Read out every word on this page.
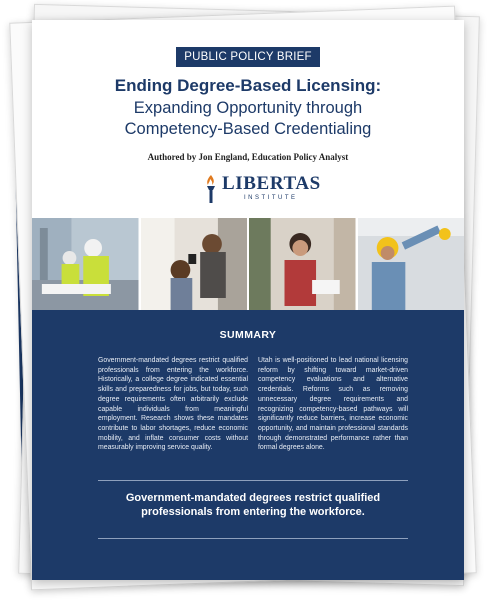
PUBLIC POLICY BRIEF
Ending Degree-Based Licensing:
Expanding Opportunity through
Competency-Based Credentialing
Authored by Jon England, Education Policy Analyst
LIBERTAS
INSTITUTE
SUMMARY
Government-mandated degrees restrict qualified professionals from entering the workforce. Historically, a college degree indicated essential skills and preparedness for jobs, but today, such degree requirements often arbitrarily exclude capable individuals from meaningful employment. Research shows these mandates contribute to labor shortages, reduce economic mobility, and inflate consumer costs without measurably improving service quality.
Utah is well-positioned to lead national licensing reform by shifting toward market-driven competency evaluations and alternative credentials. Reforms such as removing unnecessary degree requirements and recognizing competency-based pathways will significantly reduce barriers, increase economic opportunity, and maintain professional standards through demonstrated performance rather than formal degrees alone.
Government-mandated degrees restrict qualified professionals from entering the workforce.
